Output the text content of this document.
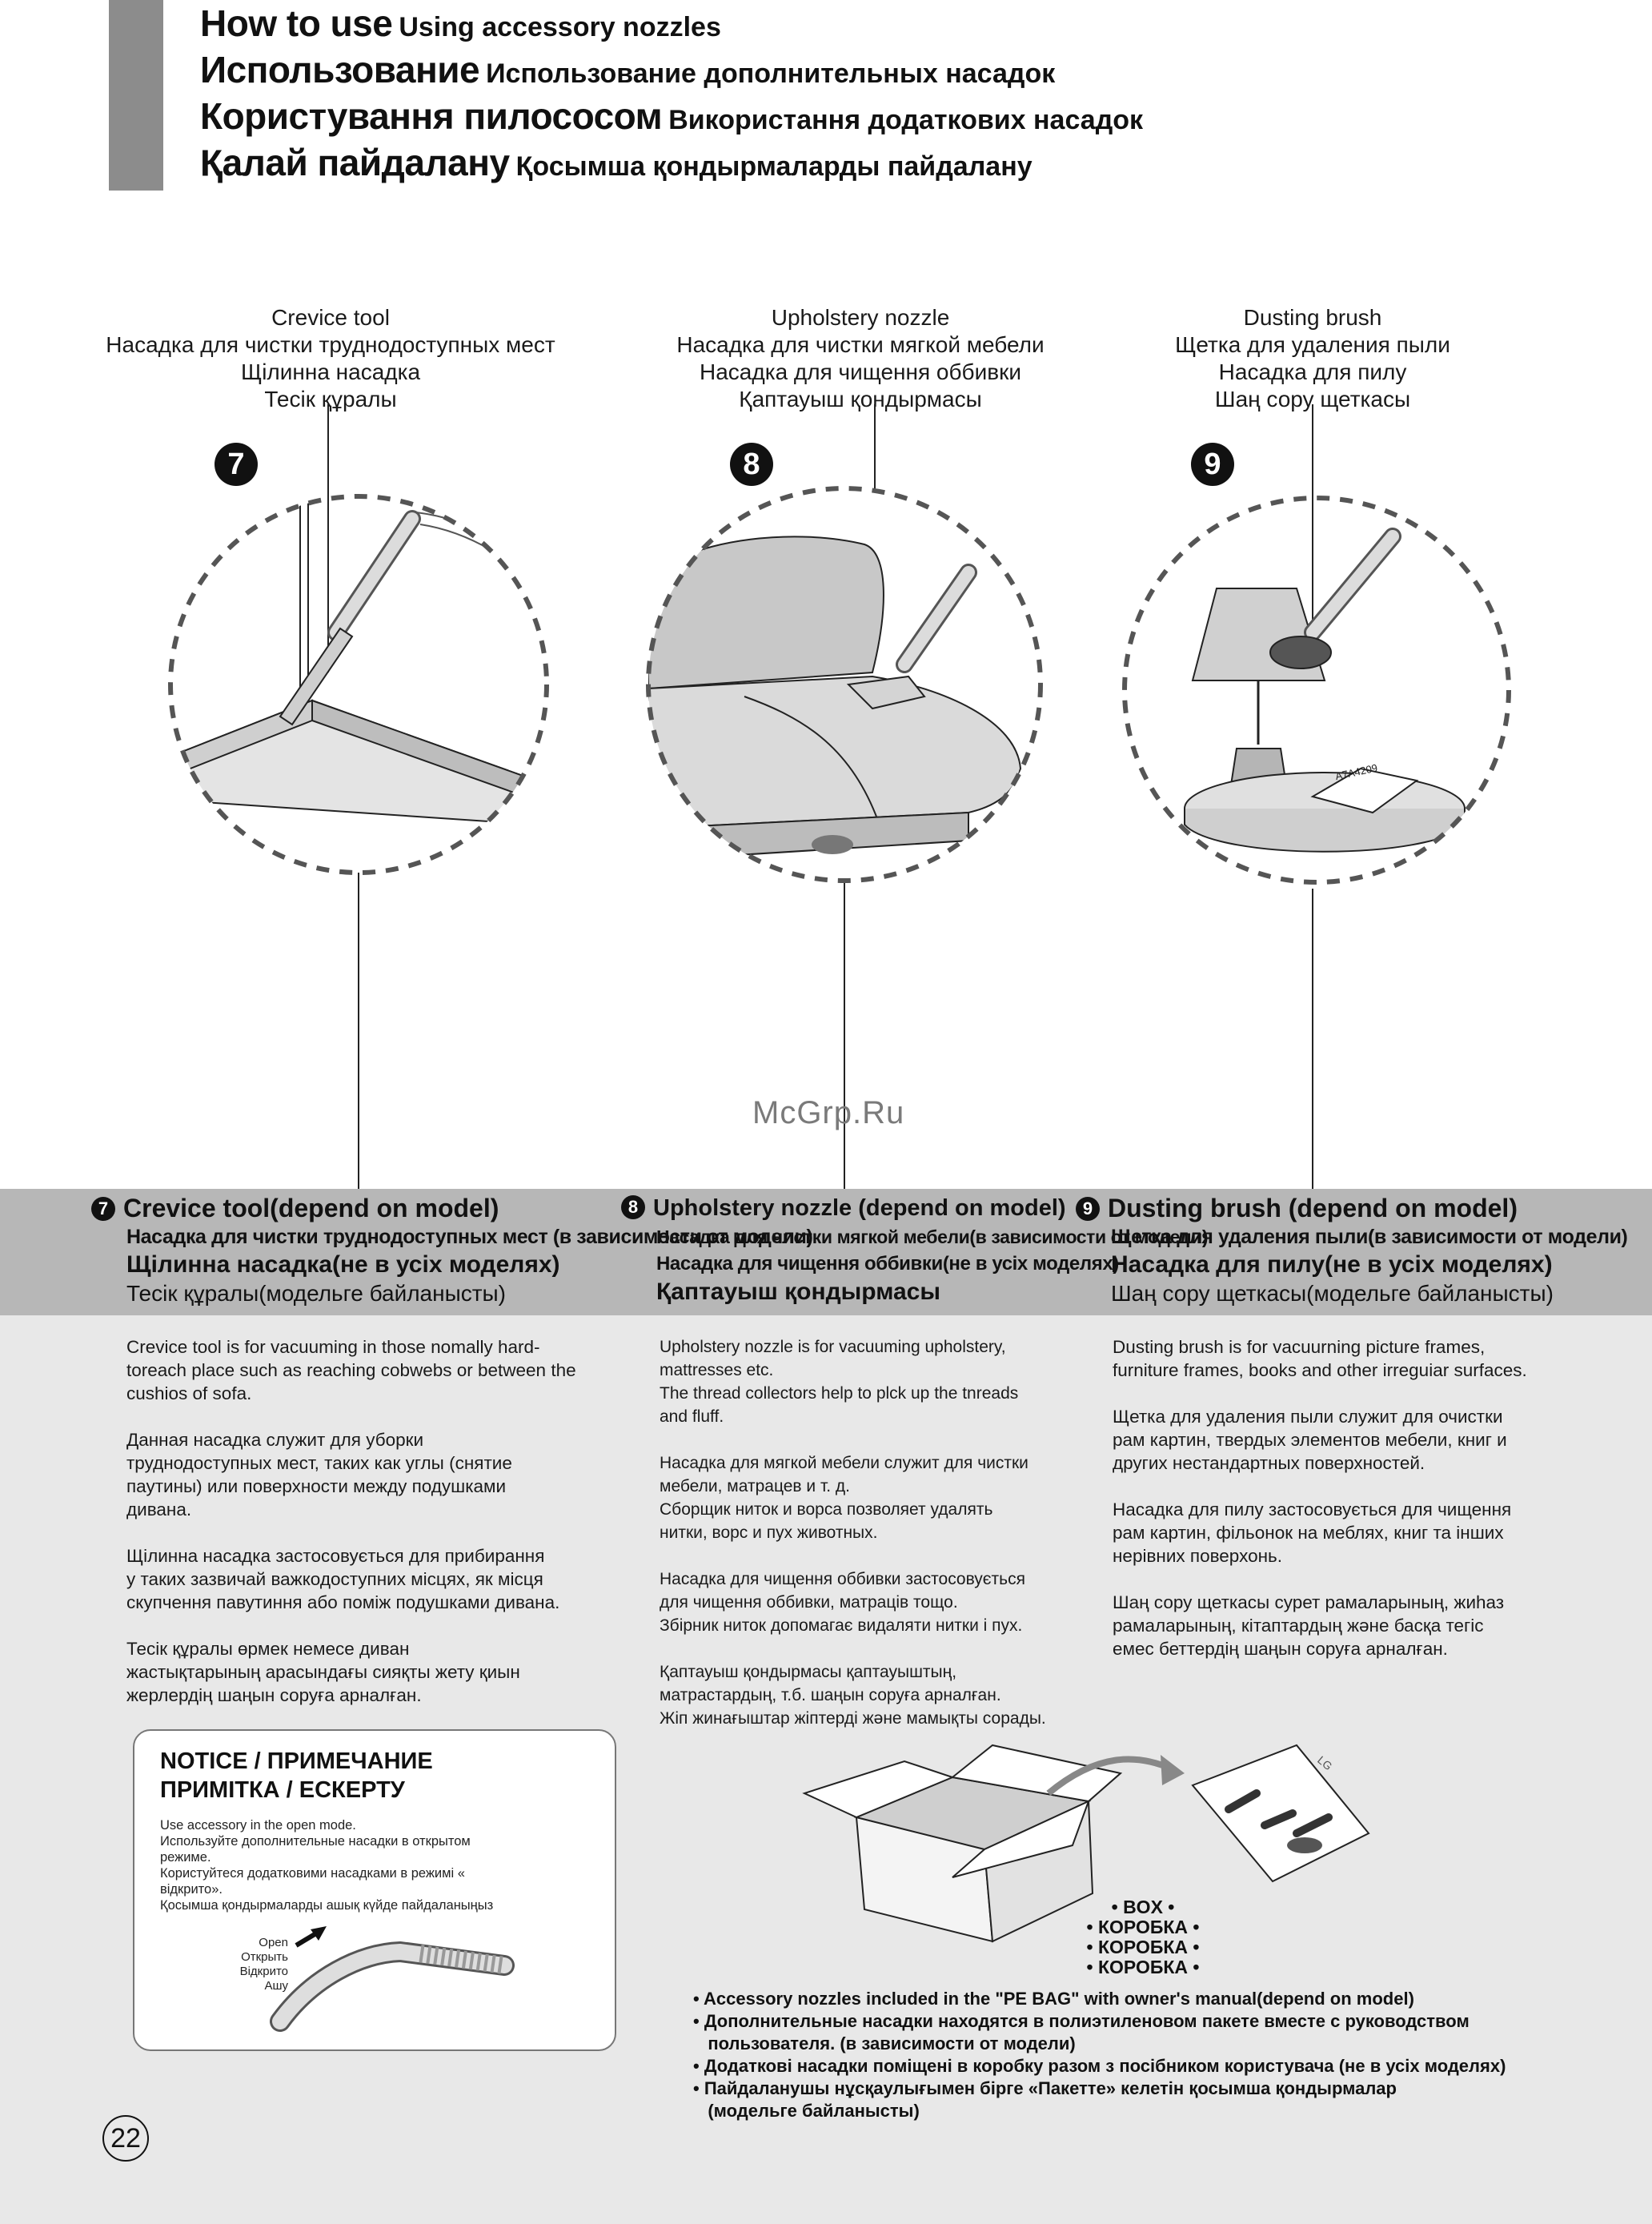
How to use Using accessory nozzles
Использование Использование дополнительных насадок
Користування пилососом Використання додаткових насадок
Қалай пайдалану Қосымша қондырмаларды пайдалану
Crevice tool
Насадка для чистки труднодоступных мест
Щілинна насадка
Тесік құралы
Upholstery nozzle
Насадка для чистки мягкой мебели
Насадка для чищення оббивки
Қаптауыш қондырмасы
Dusting brush
Щетка для удаления пыли
Насадка для пилу
Шаң сору щеткасы
7	8	9
A7A4209
McGrp.Ru
7 Crevice tool(depend on model)
Насадка для чистки труднодоступных мест (в зависимости от модели)
Щілинна насадка(не в усіх моделях)
Тесік құралы(модельге байланысты)
8 Upholstery nozzle (depend on model)
Насадка для чистки мягкой мебели(в зависимости от модели)
Насадка для чищення оббивки(не в усіх моделях)
Қаптауыш қондырмасы
9 Dusting brush (depend on model)
Щетка для удаления пыли(в зависимости от модели)
Насадка для пилу(не в усіх моделях)
Шаң сору щеткасы(модельге байланысты)

Crevice tool is for vacuuming in those nomally hard-
toreach place such as reaching cobwebs or between the
cushios of sofa.

Данная насадка служит для уборки
труднодоступных мест, таких как углы (снятие
паутины) или поверхности между подушками
дивана.

Щілинна насадка застосовується для прибирання
у таких зазвичай важкодоступних місцях, як місця
скупчення павутиння або поміж подушками дивана.

Тесік құралы өрмек немесе диван
жастықтарының арасындағы сияқты жету қиын
жерлердің шаңын соруға арналған.

Upholstery nozzle is for vacuuming upholstery,
mattresses etc.
The thread collectors help to plck up the tnreads
and fluff.

Насадка для мягкой мебели служит для чистки
мебели, матрацев и т. д.
Сборщик ниток и ворса позволяет удалять
нитки, ворс и пух животных.

Насадка для чищення оббивки застосовується
для чищення оббивки, матраців тощо.
Збірник ниток допомагає видаляти нитки і пух.

Қаптауыш қондырмасы қаптауыштың,
матрастардың, т.б. шаңын соруға арналған.
Жіп жинағыштар жіптерді және мамықты сорады.

Dusting brush is for vacuurning picture frames,
furniture frames, books and other irreguiar surfaces.

Щетка для удаления пыли служит для очистки
рам картин, твердых элементов мебели, книг и
других нестандартных поверхностей.

Насадка для пилу застосовується для чищення
рам картин, фільонок на меблях, книг та інших
нерівних поверхонь.

Шаң сору щеткасы сурет рамаларының, жиһаз
рамаларының, кітаптардың және басқа тегіс
емес беттердің шаңын соруға арналған.

NOTICE / ПРИМЕЧАНИЕ
ПРИМІТКА / ЕСКЕРТУ
Use accessory in the open mode.
Используйте дополнительные насадки в открытом
режиме.
Користуйтеся додатковими насадками в режимі «
відкрито».
Қосымша қондырмаларды ашық күйде пайдаланыңыз
Open
Открыть
Відкрито
Ашу
LG
• BOX •
• КОРОБКА •
• КОРОБКА •
• КОРОБКА •
• Accessory nozzles included in the "PE BAG" with owner's manual(depend on model)
• Дополнительные насадки находятся в полиэтиленовом пакете вместе с руководством
пользователя. (в зависимости от модели)
• Додаткові насадки поміщені в коробку разом з посібником користувача (не в усіх моделях)
• Пайдаланушы нұсқаулығымен бірге «Пакетте» келетін қосымша қондырмалар
(модельге байланысты)
22
